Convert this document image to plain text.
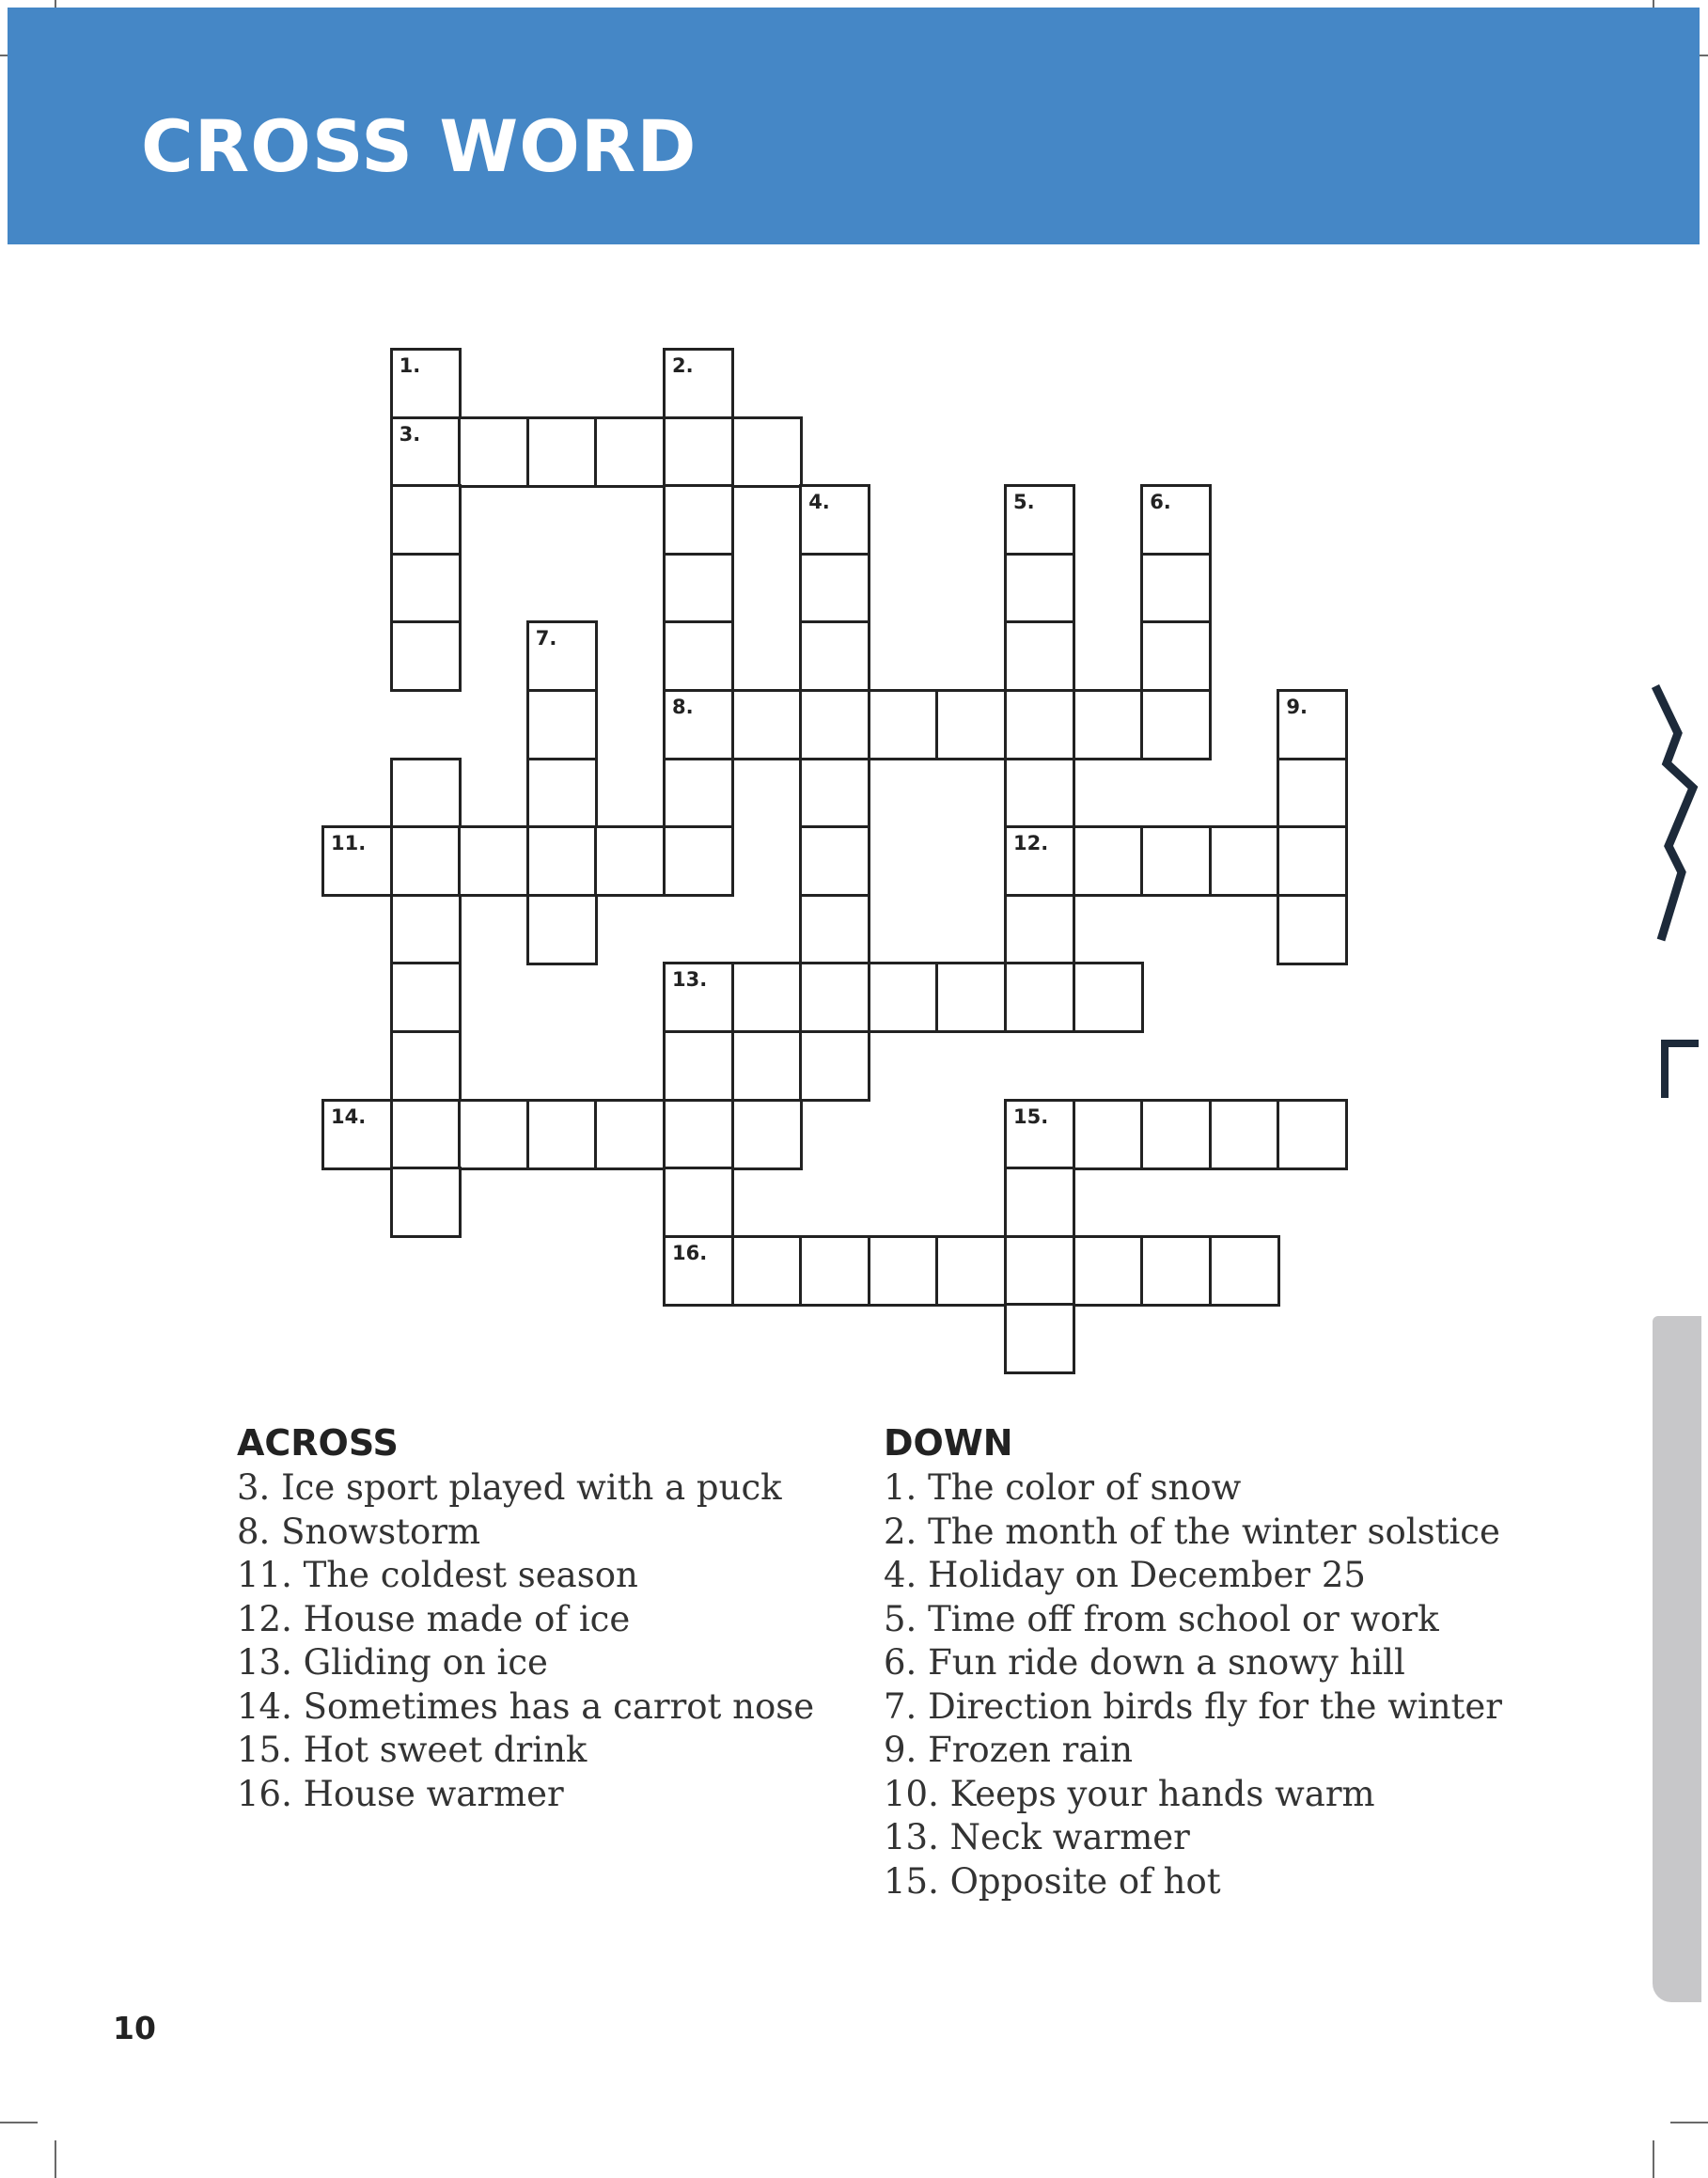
CROSS WORD
1.	2.
3.
4.	5.	6.
7.
8.	9.
11.	12.
13.
14.	15.
16.
ACROSS
3. Ice sport played with a puck
8. Snowstorm
11. The coldest season
12. House made of ice
13. Gliding on ice
14. Sometimes has a carrot nose
15. Hot sweet drink
16. House warmer
DOWN
1. The color of snow
2. The month of the winter solstice
4. Holiday on December 25
5. Time off from school or work
6. Fun ride down a snowy hill
7. Direction birds fly for the winter
9. Frozen rain
10. Keeps your hands warm
13. Neck warmer
15. Opposite of hot
10
